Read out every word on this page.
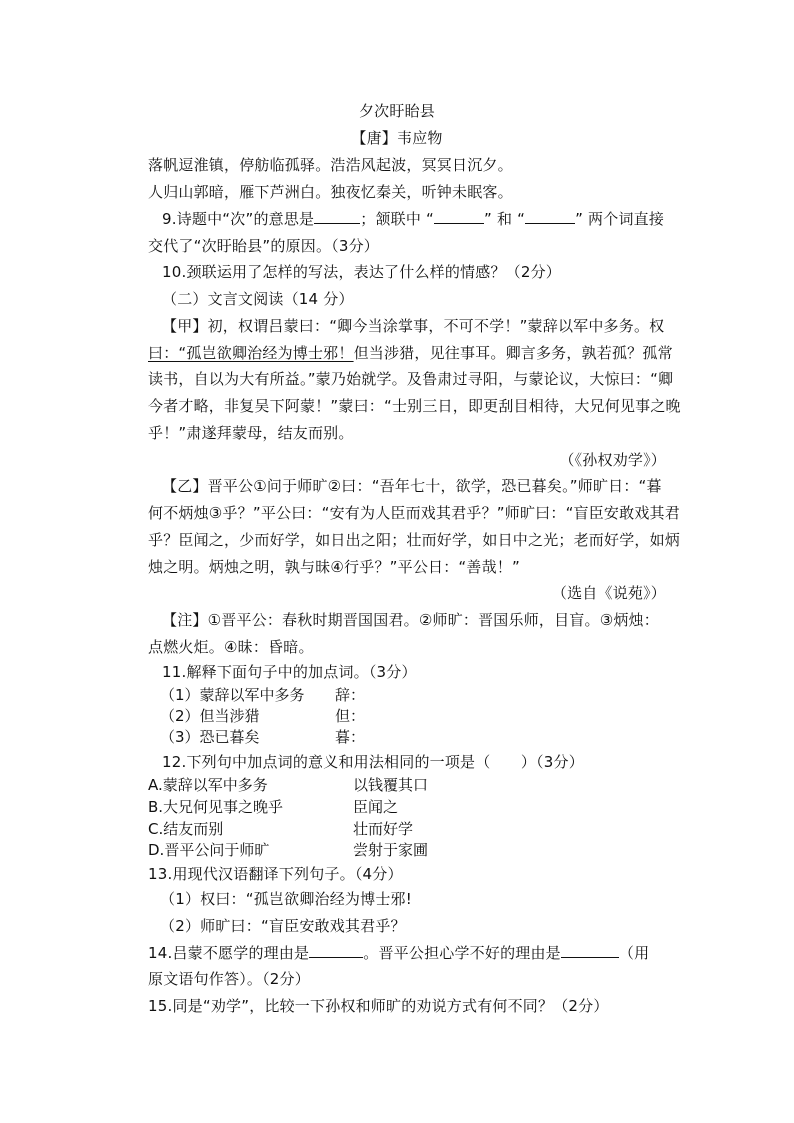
夕次盱眙县
【唐】韦应物
落帆逗淮镇，停舫临孤驿。浩浩风起波，冥冥日沉夕。
人归山郭暗，雁下芦洲白。独夜忆秦关，听钟未眠客。
9.诗题中“次”的意思是	；颔联中 “	” 和 “	” 两个词直接
交代了“次盱眙县”的原因。（3分）
10.颈联运用了怎样的写法，表达了什么样的情感？（2分）
（二）文言文阅读（14 分）
【甲】初，权谓吕蒙曰：“卿今当涂掌事，不可不学！”蒙辞以军中多务。权
曰：“孤岂欲卿治经为博士邪！但当涉猎，见往事耳。卿言多务，孰若孤？孤常
读书，自以为大有所益。”蒙乃始就学。及鲁肃过寻阳，与蒙论议，大惊曰：“卿
今者才略，非复吴下阿蒙！”蒙曰：“士别三日，即更刮目相待，大兄何见事之晚
乎！”肃遂拜蒙母，结友而别。
（《孙权劝学》）
【乙】晋平公①问于师旷②曰：“吾年七十，欲学，恐已暮矣。”师旷日：“暮
何不炳烛③乎？”平公曰：“安有为人臣而戏其君乎？”师旷曰：“盲臣安敢戏其君
乎？臣闻之，少而好学，如日出之阳；壮而好学，如日中之光；老而好学，如炳
烛之明。炳烛之明，孰与昧④行乎？”平公日：“善哉！”
（选自《说苑》）
【注】①晋平公：春秋时期晋国国君。②师旷：晋国乐师，目盲。③炳烛：
点燃火炬。④昧：昏暗。
11.解释下面句子中的加点词。（3分）
（1）蒙辞以军中多务 辞：
（2）但当涉猎	但：
（3）恐已暮矣	暮：
12.下列句中加点词的意义和用法相同的一项是（　　）（3分）
A.蒙辞以军中多务	以钱覆其口
B.大兄何见事之晚乎	臣闻之
C.结友而别	壮而好学
D.晋平公问于师旷	尝射于家圃
13.用现代汉语翻译下列句子。（4分）
（1）权曰：“孤岂欲卿治经为博士邪!
（2）师旷曰：“盲臣安敢戏其君乎？
14.吕蒙不愿学的理由是	。晋平公担心学不好的理由是	（用
原文语句作答）。（2分）
15.同是“劝学”，比较一下孙权和师旷的劝说方式有何不同？（2分）
